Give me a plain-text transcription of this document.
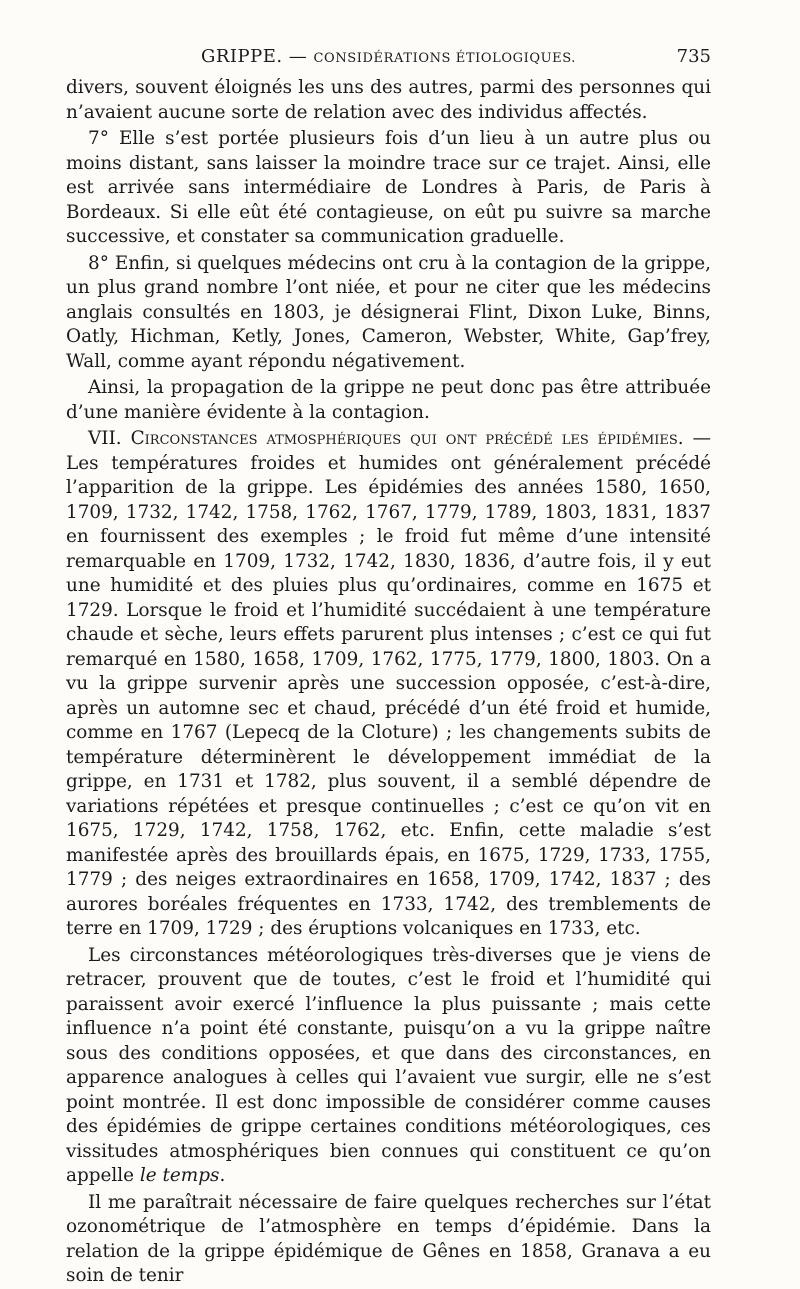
GRIPPE. — CONSIDÉRATIONS ÉTIOLOGIQUES.	735

divers, souvent éloignés les uns des autres, parmi des personnes qui n’avaient aucune sorte de relation avec des individus affectés.

7° Elle s’est portée plusieurs fois d’un lieu à un autre plus ou moins distant, sans laisser la moindre trace sur ce trajet. Ainsi, elle est arrivée sans intermédiaire de Londres à Paris, de Paris à Bordeaux. Si elle eût été contagieuse, on eût pu suivre sa marche successive, et constater sa communication graduelle.

8° Enfin, si quelques médecins ont cru à la contagion de la grippe, un plus grand nombre l’ont niée, et pour ne citer que les médecins anglais consultés en 1803, je désignerai Flint, Dixon Luke, Binns, Oatly, Hichman, Ketly, Jones, Cameron, Webster, White, Gap’frey, Wall, comme ayant répondu négativement.

Ainsi, la propagation de la grippe ne peut donc pas être attribuée d’une manière évidente à la contagion.

VII. Circonstances atmosphériques qui ont précédé les épidémies. — Les températures froides et humides ont généralement précédé l’apparition de la grippe. Les épidémies des années 1580, 1650, 1709, 1732, 1742, 1758, 1762, 1767, 1779, 1789, 1803, 1831, 1837 en fournissent des exemples ; le froid fut même d’une intensité remarquable en 1709, 1732, 1742, 1830, 1836, d’autre fois, il y eut une humidité et des pluies plus qu’ordinaires, comme en 1675 et 1729. Lorsque le froid et l’humidité succédaient à une température chaude et sèche, leurs effets parurent plus intenses ; c’est ce qui fut remarqué en 1580, 1658, 1709, 1762, 1775, 1779, 1800, 1803. On a vu la grippe survenir après une succession opposée, c’est-à-dire, après un automne sec et chaud, précédé d’un été froid et humide, comme en 1767 (Lepecq de la Cloture) ; les changements subits de température déterminèrent le développement immédiat de la grippe, en 1731 et 1782, plus souvent, il a semblé dépendre de variations répétées et presque continuelles ; c’est ce qu’on vit en 1675, 1729, 1742, 1758, 1762, etc. Enfin, cette maladie s’est manifestée après des brouillards épais, en 1675, 1729, 1733, 1755, 1779 ; des neiges extraordinaires en 1658, 1709, 1742, 1837 ; des aurores boréales fréquentes en 1733, 1742, des tremblements de terre en 1709, 1729 ; des éruptions volcaniques en 1733, etc.

Les circonstances météorologiques très-diverses que je viens de retracer, prouvent que de toutes, c’est le froid et l’humidité qui paraissent avoir exercé l’influence la plus puissante ; mais cette influence n’a point été constante, puisqu’on a vu la grippe naître sous des conditions opposées, et que dans des circonstances, en apparence analogues à celles qui l’avaient vue surgir, elle ne s’est point montrée. Il est donc impossible de considérer comme causes des épidémies de grippe certaines conditions météorologiques, ces vissitudes atmosphériques bien connues qui constituent ce qu’on appelle le temps.

Il me paraîtrait nécessaire de faire quelques recherches sur l’état ozonométrique de l’atmosphère en temps d’épidémie. Dans la relation de la grippe épidémique de Gênes en 1858, Granava a eu soin de tenir
